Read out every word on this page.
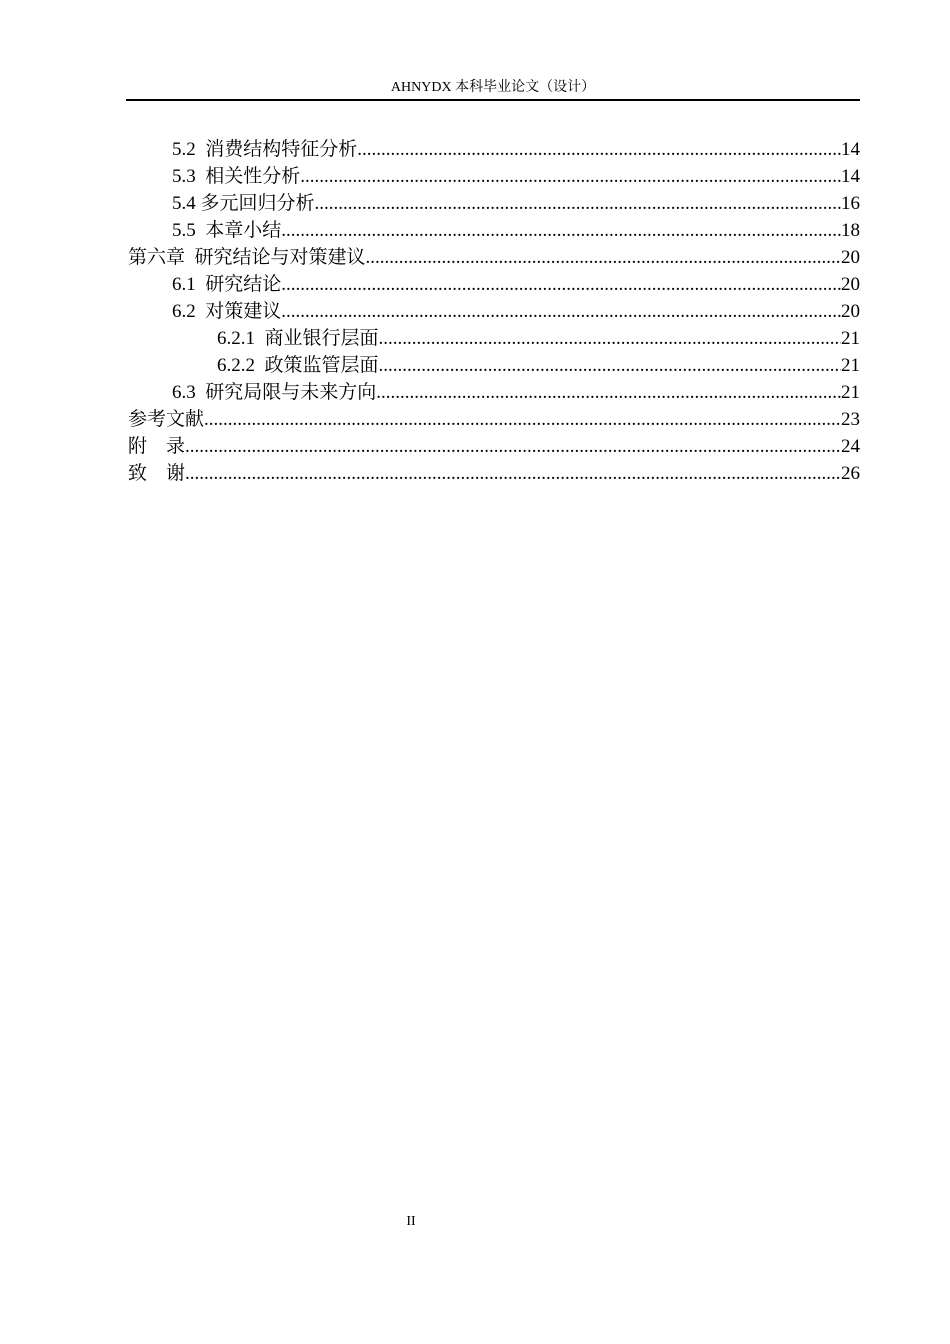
AHNYDX 本科毕业论文（设计）
5.2  消费结构特征分析 .....	14
5.3  相关性分析 .....	14
5.4 多元回归分析 .....	16
5.5  本章小结 .....	18
第六章  研究结论与对策建议 .....	20
6.1  研究结论 .....	20
6.2  对策建议 .....	20
6.2.1  商业银行层面 .....	21
6.2.2  政策监管层面 .....	21
6.3  研究局限与未来方向 .....	21
参考文献 .....	23
附    录 .....	24
致    谢 .....	26
II
